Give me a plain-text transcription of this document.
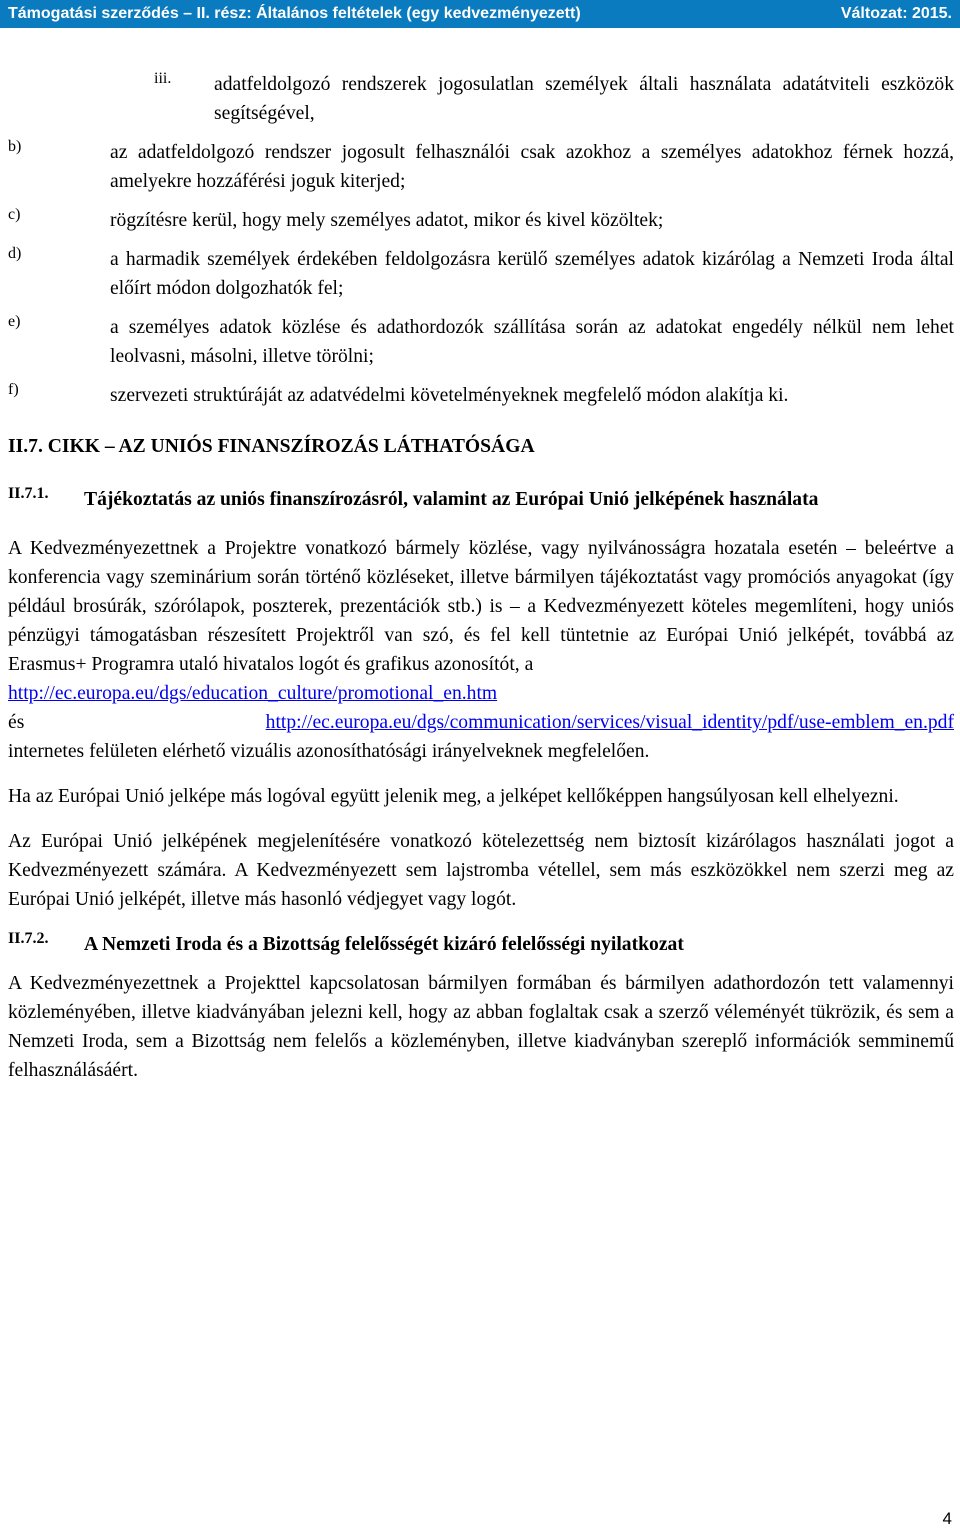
Támogatási szerződés – II. rész: Általános feltételek (egy kedvezményezett)	Változat: 2015.
iii.	adatfeldolgozó rendszerek jogosulatlan személyek általi használata adatátviteli eszközök segítségével,

b)	az adatfeldolgozó rendszer jogosult felhasználói csak azokhoz a személyes adatokhoz férnek hozzá, amelyekre hozzáférési joguk kiterjed;

c)	rögzítésre kerül, hogy mely személyes adatot, mikor és kivel közöltek;

d)	a harmadik személyek érdekében feldolgozásra kerülő személyes adatok kizárólag a Nemzeti Iroda által előírt módon dolgozhatók fel;

e)	a személyes adatok közlése és adathordozók szállítása során az adatokat engedély nélkül nem lehet leolvasni, másolni, illetve törölni;

f)	szervezeti struktúráját az adatvédelmi követelményeknek megfelelő módon alakítja ki.

II.7. CIKK – AZ UNIÓS FINANSZÍROZÁS LÁTHATÓSÁGA

II.7.1.	Tájékoztatás az uniós finanszírozásról, valamint az Európai Unió jelképének használata

A Kedvezményezettnek a Projektre vonatkozó bármely közlése, vagy nyilvánosságra hozatala esetén – beleértve a konferencia vagy szeminárium során történő közléseket, illetve bármilyen tájékoztatást vagy promóciós anyagokat (így például brosúrák, szórólapok, poszterek, prezentációk stb.) is – a Kedvezményezett köteles megemlíteni, hogy uniós pénzügyi támogatásban részesített Projektről van szó, és fel kell tüntetnie az Európai Unió jelképét, továbbá az Erasmus+ Programra utaló hivatalos logót és grafikus azonosítót, a

http://ec.europa.eu/dgs/education_culture/promotional_en.htm

és	http://ec.europa.eu/dgs/communication/services/visual_identity/pdf/use-emblem_en.pdf

internetes felületen elérhető vizuális azonosíthatósági irányelveknek megfelelően.

Ha az Európai Unió jelképe más logóval együtt jelenik meg, a jelképet kellőképpen hangsúlyosan kell elhelyezni.

Az Európai Unió jelképének megjelenítésére vonatkozó kötelezettség nem biztosít kizárólagos használati jogot a Kedvezményezett számára. A Kedvezményezett sem lajstromba vétellel, sem más eszközökkel nem szerzi meg az Európai Unió jelképét, illetve más hasonló védjegyet vagy logót.

II.7.2.	A Nemzeti Iroda és a Bizottság felelősségét kizáró felelősségi nyilatkozat

A Kedvezményezettnek a Projekttel kapcsolatosan bármilyen formában és bármilyen adathordozón tett valamennyi közleményében, illetve kiadványában jelezni kell, hogy az abban foglaltak csak a szerző véleményét tükrözik, és sem a Nemzeti Iroda, sem a Bizottság nem felelős a közleményben, illetve kiadványban szereplő információk semminemű felhasználásáért.

4
